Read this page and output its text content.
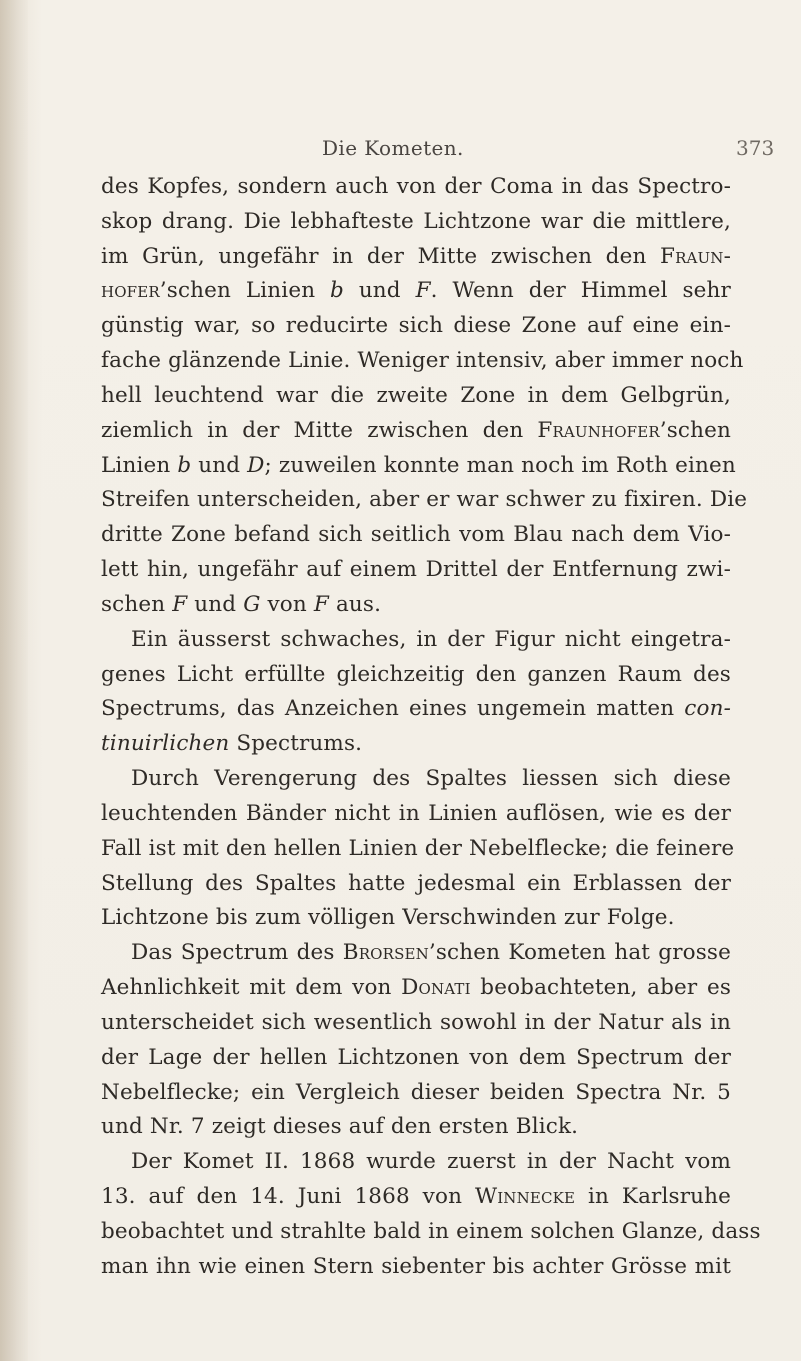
Die Kometen.	373
des Kopfes, sondern auch von der Coma in das Spectro-
skop drang. Die lebhafteste Lichtzone war die mittlere,
im Grün, ungefähr in der Mitte zwischen den Fraun-
hofer’schen Linien b und F. Wenn der Himmel sehr
günstig war, so reducirte sich diese Zone auf eine ein-
fache glänzende Linie. Weniger intensiv, aber immer noch
hell leuchtend war die zweite Zone in dem Gelbgrün,
ziemlich in der Mitte zwischen den Fraunhofer’schen
Linien b und D; zuweilen konnte man noch im Roth einen
Streifen unterscheiden, aber er war schwer zu fixiren. Die
dritte Zone befand sich seitlich vom Blau nach dem Vio-
lett hin, ungefähr auf einem Drittel der Entfernung zwi-
schen F und G von F aus.
Ein äusserst schwaches, in der Figur nicht eingetra-
genes Licht erfüllte gleichzeitig den ganzen Raum des
Spectrums, das Anzeichen eines ungemein matten con-
tinuirlichen Spectrums.
Durch Verengerung des Spaltes liessen sich diese
leuchtenden Bänder nicht in Linien auflösen, wie es der
Fall ist mit den hellen Linien der Nebelflecke; die feinere
Stellung des Spaltes hatte jedesmal ein Erblassen der
Lichtzone bis zum völligen Verschwinden zur Folge.
Das Spectrum des Brorsen’schen Kometen hat grosse
Aehnlichkeit mit dem von Donati beobachteten, aber es
unterscheidet sich wesentlich sowohl in der Natur als in
der Lage der hellen Lichtzonen von dem Spectrum der
Nebelflecke; ein Vergleich dieser beiden Spectra Nr. 5
und Nr. 7 zeigt dieses auf den ersten Blick.
Der Komet II. 1868 wurde zuerst in der Nacht vom
13. auf den 14. Juni 1868 von Winnecke in Karlsruhe
beobachtet und strahlte bald in einem solchen Glanze, dass
man ihn wie einen Stern siebenter bis achter Grösse mit
